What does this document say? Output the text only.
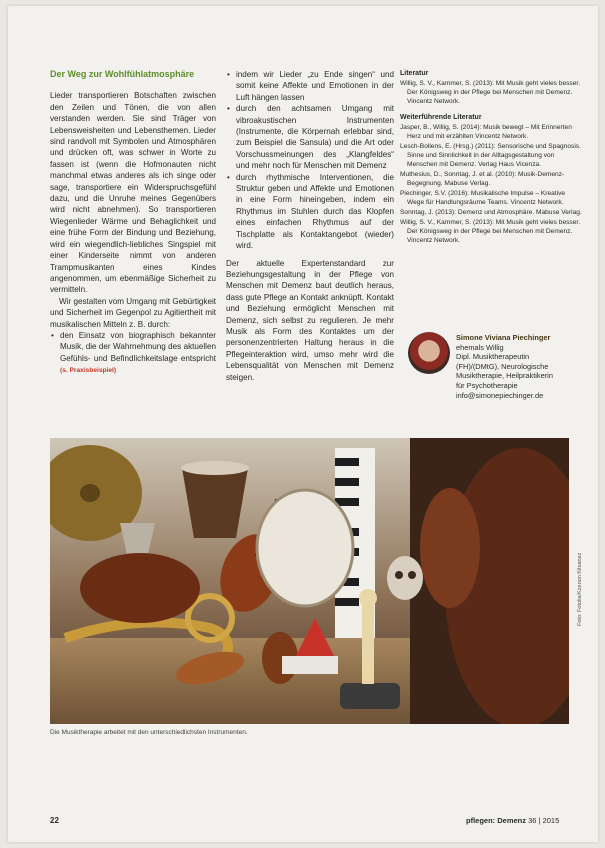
Der Weg zur Wohlfühlatmosphäre

Lieder transportieren Botschaften zwischen den Zeilen und Tönen, die von allen verstanden werden. Sie sind Träger von Lebensweisheiten und Lebensthemen. Lieder sind randvoll mit Symbolen und Atmosphären und drücken oft, was schwer in Worte zu fassen ist (wenn die Hofmonauten nicht manchmal etwas anderes als ich singe oder sage, transportiere ein Widerspruchsgefühl dazu, und die Unruhe meines Gegenübers wird nicht abnehmen). So transportieren Wiegenlieder Wärme und Behaglichkeit und eine frühe Form der Bindung und Beziehung, wird ein wiegendlich-liebliches Singspiel mit einer Kinderseite nimmt von anderen Trampmusikanten eines Kindes angenommen, um ebenmäßige Sicherheit zu vermitteln.

Wir gestalten vom Umgang mit Gebürtigkeit und Sicherheit im Gegenpol zu Agitiertheit mit musikalischen Mitteln z. B. durch:

• den Einsatz von biographisch bekannter Musik, die der Wahrnehmung des aktuellen Gefühls- und Befindlichkeitslage entspricht (s. Praxisbeispiel)
• indem wir Lieder „zu Ende singen“ und somit keine Affekte und Emotionen in der Luft hängen lassen
• durch den achtsamen Umgang mit vibroakustischen Instrumenten (Instrumente, die Körpernah erlebbar sind, zum Beispiel die Sansula) und die Art oder Vorschussmeinungen des „Klangfeldes“ und mehr noch für Menschen mit Demenz
• durch rhythmische Interventionen, die Struktur geben und Affekte und Emotionen in eine Form hineingeben, indem ein Rhythmus im Stuhlen durch das Klopfen eines einfachen Rhythmus auf der Tischplatte als Kontaktangebot (wieder) wird.

Der aktuelle Expertenstandard zur Beziehungsgestaltung in der Pflege von Menschen mit Demenz baut deutlich heraus, dass gute Pflege an Kontakt anknüpft. Kontakt und Beziehung ermöglicht Menschen mit Demenz, sich selbst zu regulieren. Je mehr Musik als Form des Kontaktes um der personenzentrierten Haltung heraus in die Pflegeinteraktion wird, umso mehr wird die Lebensqualität von Menschen mit Demenz steigen.

Literatur
Willig, S. V., Kammer, S. (2013): Mit Musik geht vieles besser. Der Königsweg in der Pflege bei Menschen mit Demenz. Vincentz Network.
Weiterführende Literatur
Jasper, B., Willig, S. (2014): Musik bewegt – Mit Erinnerten Herz und mit erzählten Vincentz Network.
Lesch-Bollens, E. (Hrsg.) (2011): Sensorische und Spagnosis. Sinne und Sinnlichkeit in der Alltagsgestaltung von Menschen mit Demenz. Verlag Haus Vicenza.
Muthesius, D., Sonntag, J. et al. (2010): Musik-Demenz-Begegnung. Mabuse Verlag.
Piechinger, S.V. (2016): Musikalische Impulse – Kreative Wege für Handlungsräume Teams. Vincentz Network.
Sonntag, J. (2013): Demenz und Atmosphäre. Mabuse Verlag.
Willig, S. V., Kammer, S. (2013): Mit Musik geht vieles besser. Der Königsweg in der Pflege bei Menschen mit Demenz. Vincentz Network.
Simone Viviana Piechinger
ehemals Willig
Dipl. Musiktherapeutin
(FH)/(DMtG), Neurologische
Musiktherapie, Heilpraktikerin
für Psychotherapie
info@simonepiechinger.de
Die Musiktherapie arbeitet mit den unterschiedlichsten Instrumenten.
Foto: Fotolia/Kzenon Kitsanez
22	pflegen: Demenz 36 | 2015
